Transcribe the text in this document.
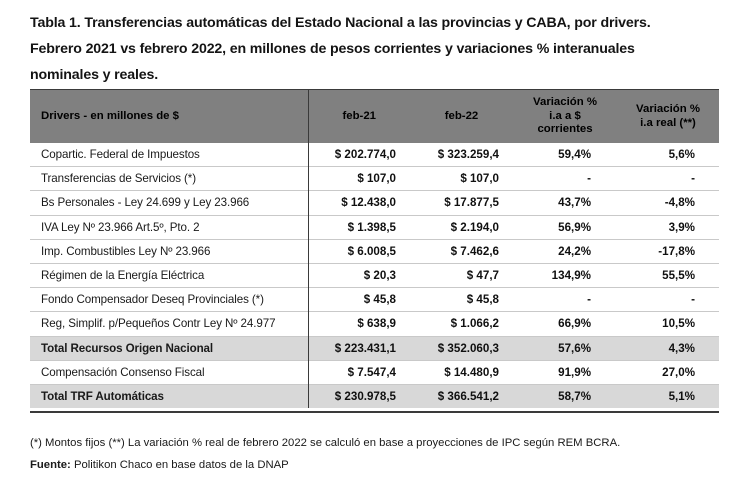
Tabla 1. Transferencias automáticas del Estado Nacional a las provincias y CABA, por drivers.
Febrero 2021 vs febrero 2022, en millones de pesos corrientes y variaciones % interanuales
nominales y reales.
Drivers - en millones de $	feb-21	feb-22	Variación %
i.a a $
corrientes	Variación %
i.a real (**)

Copartic. Federal de Impuestos	$ 202.774,0	$ 323.259,4	59,4%	5,6%
Transferencias de Servicios (*)	$ 107,0	$ 107,0	-	-
Bs Personales - Ley 24.699 y Ley 23.966	$ 12.438,0	$ 17.877,5	43,7%	-4,8%
IVA Ley Nº 23.966 Art.5º, Pto. 2	$ 1.398,5	$ 2.194,0	56,9%	3,9%
Imp. Combustibles Ley Nº 23.966	$ 6.008,5	$ 7.462,6	24,2%	-17,8%
Régimen de la Energía Eléctrica	$ 20,3	$ 47,7	134,9%	55,5%
Fondo Compensador Deseq Provinciales (*)	$ 45,8	$ 45,8	-	-
Reg, Simplif. p/Pequeños Contr Ley Nº 24.977	$ 638,9	$ 1.066,2	66,9%	10,5%
Total Recursos Origen Nacional	$ 223.431,1	$ 352.060,3	57,6%	4,3%
Compensación Consenso Fiscal	$ 7.547,4	$ 14.480,9	91,9%	27,0%
Total TRF Automáticas	$ 230.978,5	$ 366.541,2	58,7%	5,1%
(*) Montos fijos (**) La variación % real de febrero 2022 se calculó en base a proyecciones de IPC según REM BCRA.
Fuente: Politikon Chaco en base datos de la DNAP
